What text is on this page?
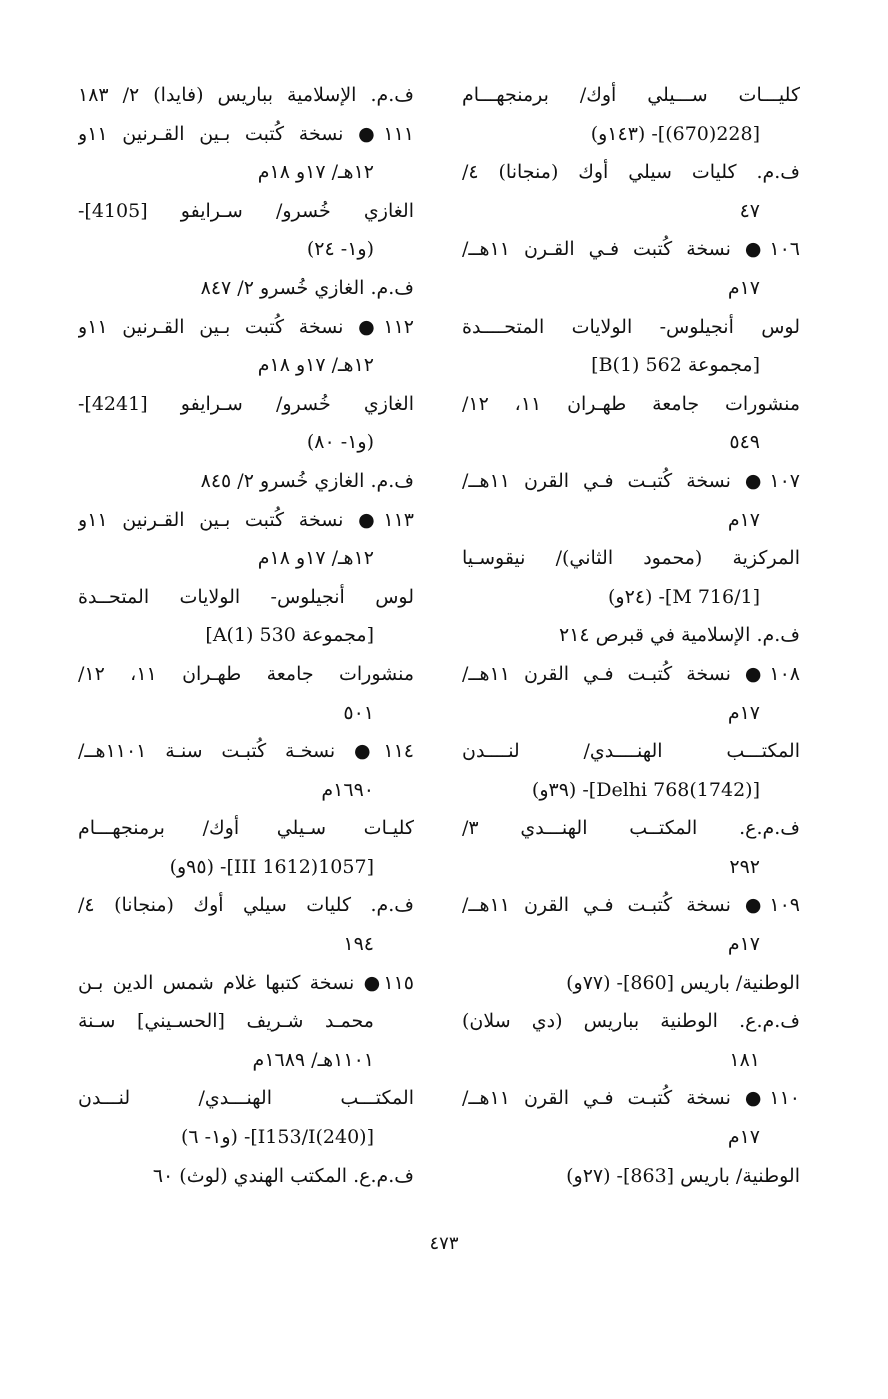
كليـــات ســـيلي أوك/ برمنجهـــام
[228(670)]- (١٤٣و)
ف.م. كليات سيلي أوك (منجانا) ٤/
٤٧
١٠٦● نسخة كُتبت فـي القـرن ١١هــ/
١٧م
لوس أنجيلوس- الولايات المتحــــدة
[مجموعة 562 B(1)]
منشورات جامعة طهـران ١١، ١٢/
٥٤٩
١٠٧● نسخة كُتبـت فـي القرن ١١هــ/
١٧م
المركزية (محمود الثاني)/ نيقوسـيا
[M 716/1]- (٢٤و)
ف.م. الإسلامية في قبرص ٢١٤
١٠٨● نسخة كُتبـت فـي القرن ١١هــ/
١٧م
المكتـــب الهنــــدي/ لنــــدن
[Delhi 768(1742)]- (٣٩و)
ف.م.ع. المكتــب الهنـــدي ٣/
٢٩٢
١٠٩● نسخة كُتبـت فـي القرن ١١هــ/
١٧م
الوطنية/ باريس [860]- (٧٧و)
ف.م.ع. الوطنية بباريس (دي سلان)
١٨١
١١٠● نسخة كُتبـت فـي القرن ١١هــ/
١٧م
الوطنية/ باريس [863]- (٢٧و)
ف.م. الإسلامية بباريس (فايدا) ٢/ ١٨٣
١١١● نسخة كُتبت بـين القـرنين ١١و
١٢هـ/ ١٧و ١٨م
الغازي خُسرو/ سـرايفو [4105]-
(و١- ٢٤)
ف.م. الغازي خُسرو ٢/ ٨٤٧
١١٢● نسخة كُتبت بـين القـرنين ١١و
١٢هـ/ ١٧و ١٨م
الغازي خُسرو/ سـرايفو [4241]-
(و١- ٨٠)
ف.م. الغازي خُسرو ٢/ ٨٤٥
١١٣● نسخة كُتبت بـين القـرنين ١١و
١٢هـ/ ١٧و ١٨م
لوس أنجيلوس- الولايات المتحــدة
[مجموعة 530 A(1)]
منشورات جامعة طهـران ١١، ١٢/
٥٠١
١١٤● نسخـة كُتبـت سنـة ١١٠١هــ/
١٦٩٠م
كليـات سـيلي أوك/ برمنجهـــام
[III 1612)1057]- (٩٥و)
ف.م. كليات سيلي أوك (منجانا) ٤/
١٩٤
١١٥● نسخة كتبها غلام شمس الدين بـن
محمـد شـريف [الحسـيني] سـنة
١١٠١هـ/ ١٦٨٩م
المكتـــب الهنـــدي/ لنـــدن
[I153/I(240)]- (و١- ٦)
ف.م.ع. المكتب الهندي (لوث) ٦٠
٤٧٣
